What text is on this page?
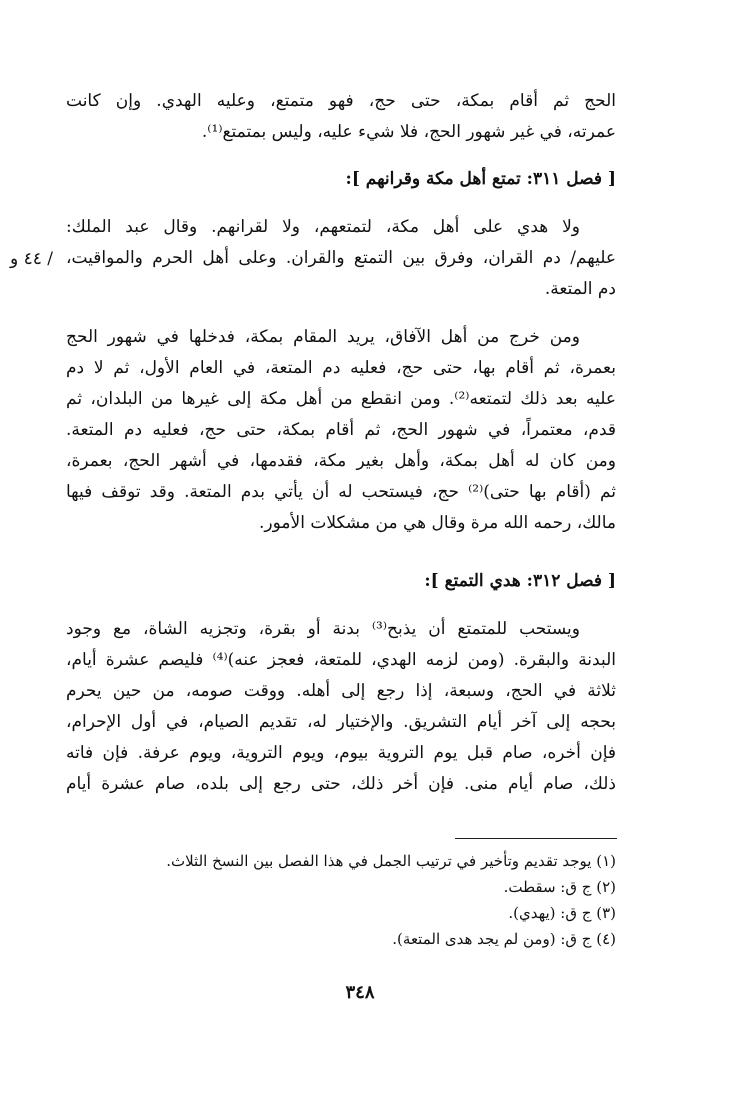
الحج ثم أقام بمكة، حتى حج، فهو متمتع، وعليه الهدي. وإن كانت
عمرته، في غير شهور الحج، فلا شيء عليه، وليس بمتمتع⁽¹⁾.
[ فصل ٣١١: تمتع أهل مكة وقرانهم ]:
ولا هدي على أهل مكة، لتمتعهم، ولا لقرانهم. وقال عبد الملك:
عليهم/ دم القران، وفرق بين التمتع والقران. وعلى أهل الحرم والمواقيت،
دم المتعة.
/ ٤٤ و
ومن خرج من أهل الآفاق، يريد المقام بمكة، فدخلها في شهور الحج
بعمرة، ثم أقام بها، حتى حج، فعليه دم المتعة، في العام الأول، ثم لا دم
عليه بعد ذلك لتمتعه⁽²⁾. ومن انقطع من أهل مكة إلى غيرها من البلدان، ثم
قدم، معتمراً، في شهور الحج، ثم أقام بمكة، حتى حج، فعليه دم المتعة.
ومن كان له أهل بمكة، وأهل بغير مكة، فقدمها، في أشهر الحج، بعمرة،
ثم (أقام بها حتى)⁽²⁾ حج، فيستحب له أن يأتي بدم المتعة. وقد توقف فيها
مالك، رحمه الله مرة وقال هي من مشكلات الأمور.
[ فصل ٣١٢: هدي التمتع ]:
ويستحب للمتمتع أن يذبح⁽³⁾ بدنة أو بقرة، وتجزيه الشاة، مع وجود
البدنة والبقرة. (ومن لزمه الهدي، للمتعة، فعجز عنه)⁽⁴⁾ فليصم عشرة أيام،
ثلاثة في الحج، وسبعة، إذا رجع إلى أهله. ووقت صومه، من حين يحرم
بحجه إلى آخر أيام التشريق. والإختيار له، تقديم الصيام، في أول الإحرام،
فإن أخره، صام قبل يوم التروية بيوم، ويوم التروية، ويوم عرفة. فإن فاته
ذلك، صام أيام منى. فإن أخر ذلك، حتى رجع إلى بلده، صام عشرة أيام
(١) يوجد تقديم وتأخير في ترتيب الجمل في هذا الفصل بين النسخ الثلاث.
(٢) ج ق: سقطت.
(٣) ج ق: (يهدي).
(٤) ج ق: (ومن لم يجد هدى المتعة).
٣٤٨
